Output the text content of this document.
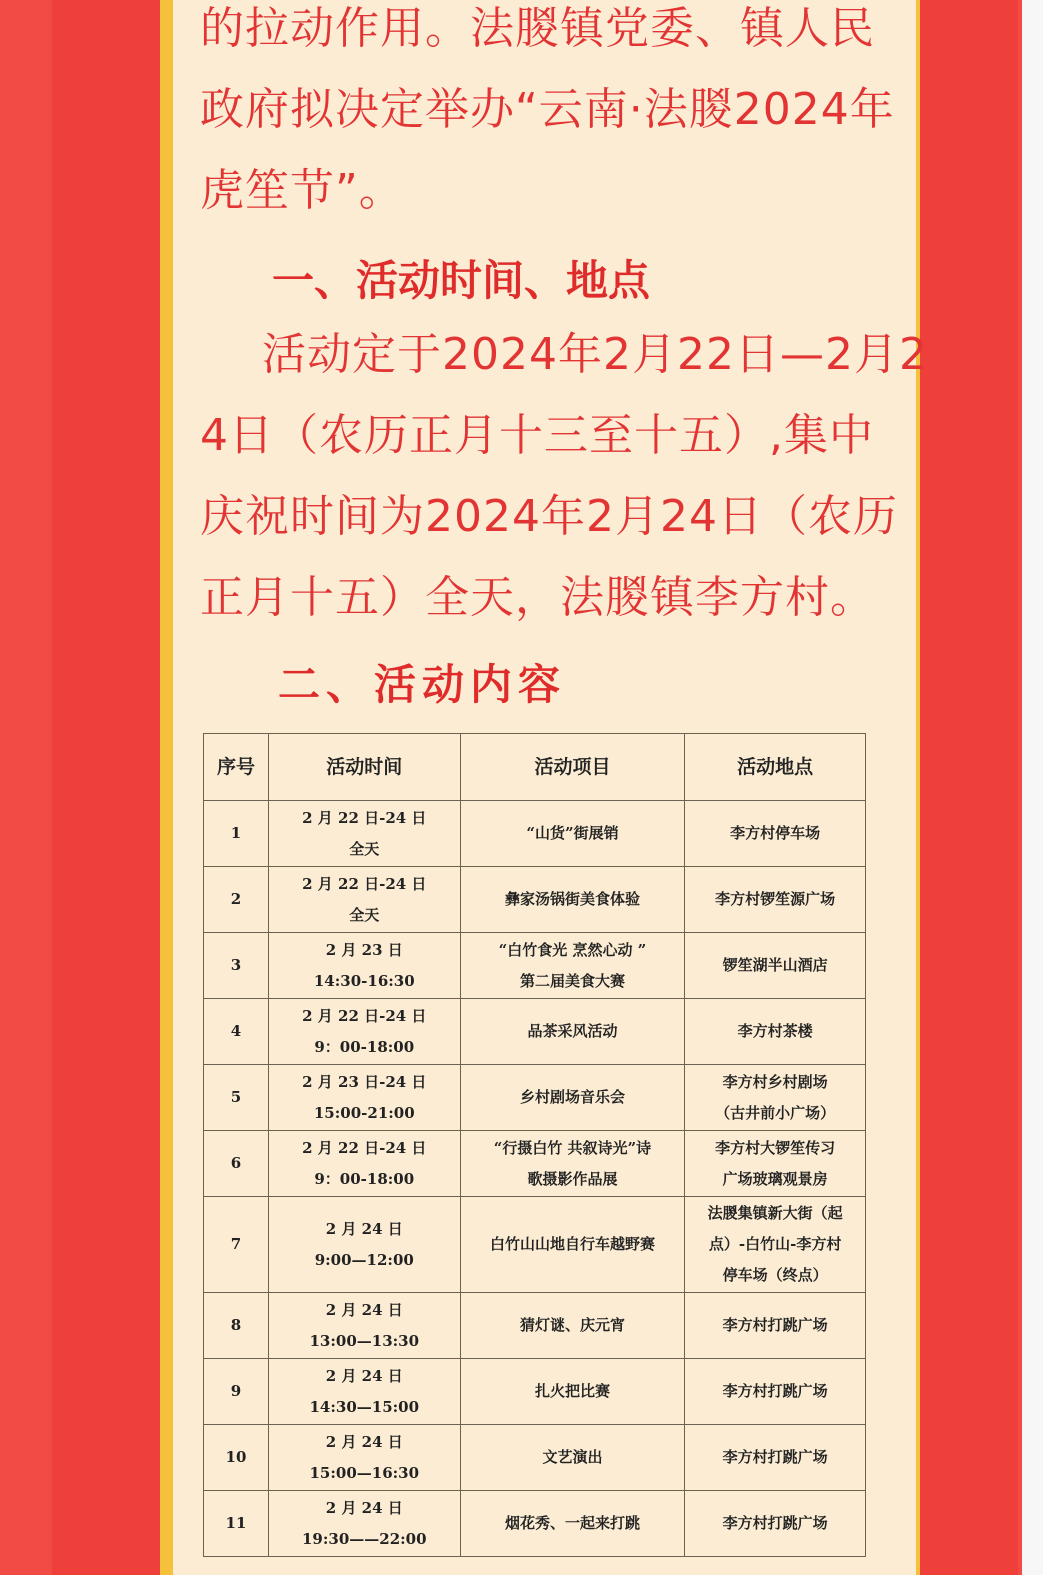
的拉动作用。法朡镇党委、镇人民

政府拟决定举办“云南·法朡2024年

虎笙节”。

一、活动时间、地点

活动定于2024年2月22日—2月2

4日（农历正月十三至十五）,集中

庆祝时间为2024年2月24日（农历

正月十五）全天，法朡镇李方村。

二、活动内容

序号	活动时间	活动项目	活动地点

1	2 月 22 日-24 日
全天	“山货”街展销	李方村停车场

2	2 月 22 日-24 日
全天	彝家汤锅街美食体验	李方村锣笙源广场

3	2 月 23 日
14:30-16:30	“白竹食光 烹然心动 ”
第二届美食大赛	锣笙湖半山酒店

4	2 月 22 日-24 日
9：00-18:00	品茶采风活动	李方村茶楼

5	2 月 23 日-24 日
15:00-21:00	乡村剧场音乐会	李方村乡村剧场
（古井前小广场）

6	2 月 22 日-24 日
9：00-18:00	“行摄白竹 共叙诗光”诗
歌摄影作品展	李方村大锣笙传习
广场玻璃观景房

7	2 月 24 日
9:00—12:00	白竹山山地自行车越野赛	法朡集镇新大街（起
点）-白竹山-李方村
停车场（终点）

8	2 月 24 日
13:00—13:30	猜灯谜、庆元宵	李方村打跳广场

9	2 月 24 日
14:30—15:00	扎火把比赛	李方村打跳广场

10	2 月 24 日
15:00—16:30	文艺演出	李方村打跳广场

11	2 月 24 日
19:30——22:00	烟花秀、一起来打跳	李方村打跳广场
